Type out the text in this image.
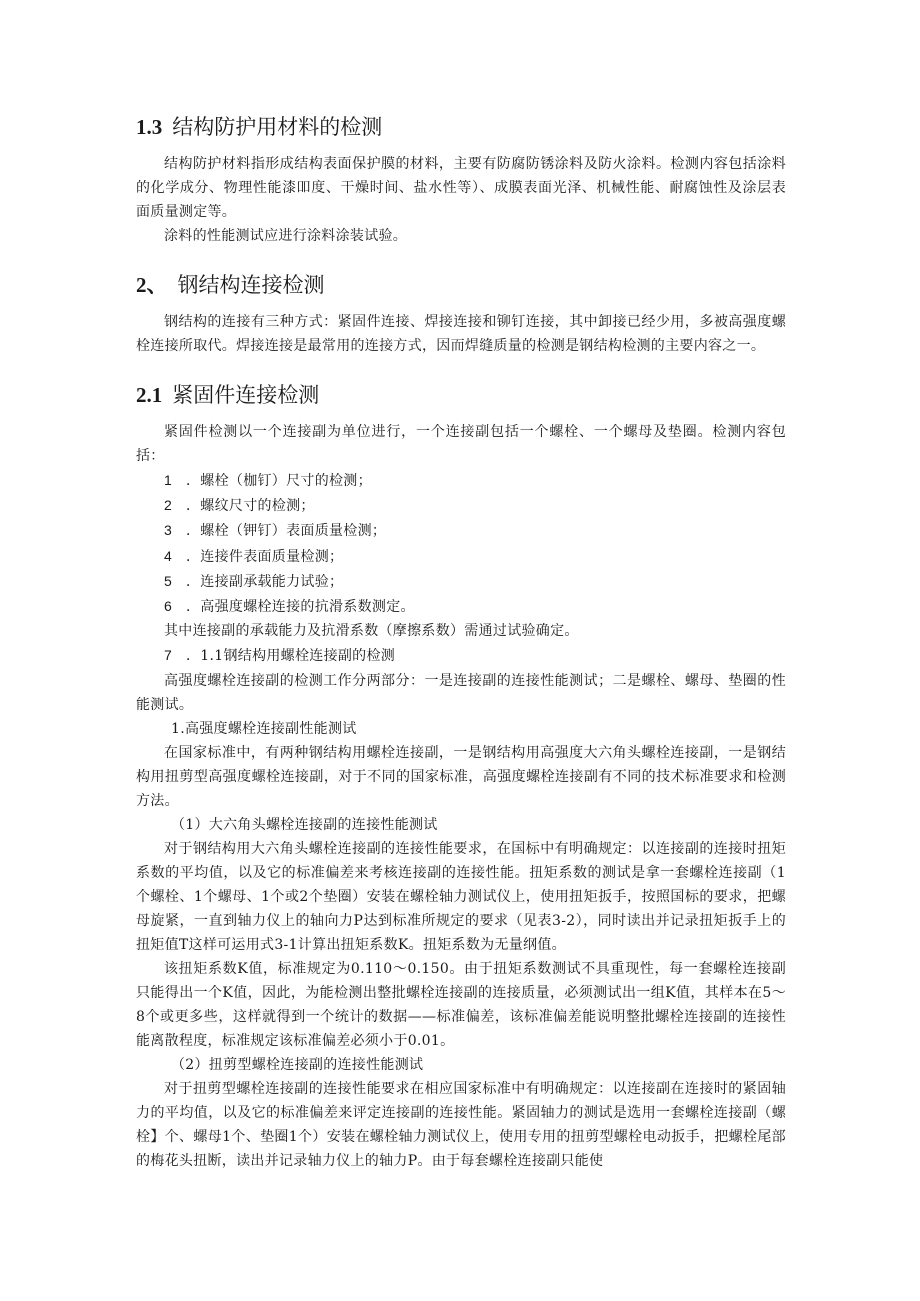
1.3 结构防护用材料的检测

结构防护材料指形成结构表面保护膜的材料，主要有防腐防锈涂料及防火涂料。检测内容包括涂料的化学成分、物理性能漆吅度、干燥时间、盐水性等）、成膜表面光泽、机械性能、耐腐蚀性及涂层表面质量测定等。

涂料的性能测试应进行涂料涂装试验。

2、 钢结构连接检测

钢结构的连接有三种方式：紧固件连接、焊接连接和铆钉连接，其中卸接已经少用，多被高强度螺栓连接所取代。焊接连接是最常用的连接方式，因而焊缝质量的检测是钢结构检测的主要内容之一。

2.1 紧固件连接检测

紧固件检测以一个连接副为单位进行，一个连接副包括一个螺栓、一个螺母及垫圈。检测内容包括：

1 ．螺栓（枷钉）尺寸的检测；

2 ．螺纹尺寸的检测；

3 ．螺栓（钾钉）表面质量检测；

4 ．连接件表面质量检测；

5 ．连接副承载能力试验；

6 ．高强度螺栓连接的抗滑系数测定。

其中连接副的承载能力及抗滑系数（摩擦系数）需通过试验确定。

7 ．1.1钢结构用螺栓连接副的检测

高强度螺栓连接副的检测工作分两部分：一是连接副的连接性能测试；二是螺栓、螺母、垫圈的性能测试。

1.高强度螺栓连接副性能测试

在国家标准中，有两种钢结构用螺栓连接副，一是钢结构用高强度大六角头螺栓连接副，一是钢结构用扭剪型高强度螺栓连接副，对于不同的国家标准，高强度螺栓连接副有不同的技术标准要求和检测方法。

（1）大六角头螺栓连接副的连接性能测试

对于钢结构用大六角头螺栓连接副的连接性能要求，在国标中有明确规定：以连接副的连接时扭矩系数的平均值，以及它的标准偏差来考核连接副的连接性能。扭矩系数的测试是拿一套螺栓连接副（1个螺栓、1个螺母、1个或2个垫圈）安装在螺栓轴力测试仪上，使用扭矩扳手，按照国标的要求，把螺母旋紧，一直到轴力仪上的轴向力P达到标准所规定的要求（见表3-2），同时读出并记录扭矩扳手上的扭矩值T这样可运用式3-1计算出扭矩系数K。扭矩系数为无量纲值。

该扭矩系数K值，标准规定为0.110～0.150。由于扭矩系数测试不具重现性，每一套螺栓连接副只能得出一个K值，因此，为能检测出整批螺栓连接副的连接质量，必须测试出一组K值，其样本在5～8个或更多些，这样就得到一个统计的数据——标准偏差，该标准偏差能说明整批螺栓连接副的连接性能离散程度，标准规定该标准偏差必须小于0.01。

（2）扭剪型螺栓连接副的连接性能测试

对于扭剪型螺栓连接副的连接性能要求在相应国家标准中有明确规定：以连接副在连接时的紧固轴力的平均值，以及它的标准偏差来评定连接副的连接性能。紧固轴力的测试是选用一套螺栓连接副（螺栓】个、螺母1个、垫圈1个）安装在螺栓轴力测试仪上，使用专用的扭剪型螺栓电动扳手，把螺栓尾部的梅花头扭断，读出并记录轴力仪上的轴力P。由于每套螺栓连接副只能使
